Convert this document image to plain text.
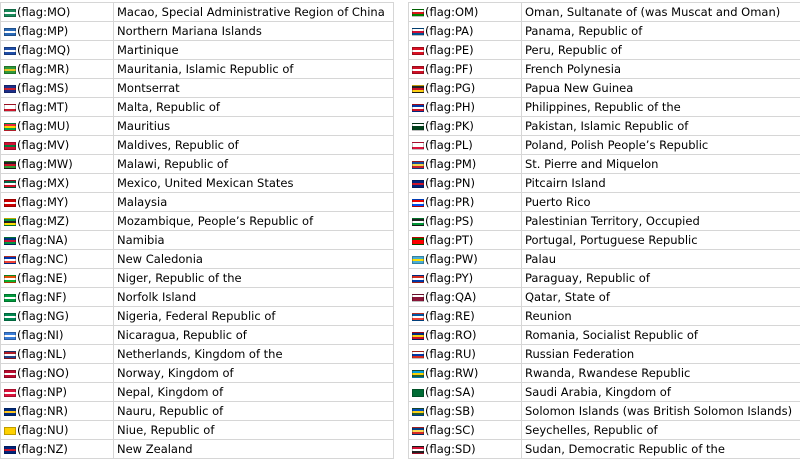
(flag:MO)	Macao, Special Administrative Region of China
(flag:MP)	Northern Mariana Islands
(flag:MQ)	Martinique
(flag:MR)	Mauritania, Islamic Republic of
(flag:MS)	Montserrat
(flag:MT)	Malta, Republic of
(flag:MU)	Mauritius
(flag:MV)	Maldives, Republic of
(flag:MW)	Malawi, Republic of
(flag:MX)	Mexico, United Mexican States
(flag:MY)	Malaysia
(flag:MZ)	Mozambique, People’s Republic of
(flag:NA)	Namibia
(flag:NC)	New Caledonia
(flag:NE)	Niger, Republic of the
(flag:NF)	Norfolk Island
(flag:NG)	Nigeria, Federal Republic of
(flag:NI)	Nicaragua, Republic of
(flag:NL)	Netherlands, Kingdom of the
(flag:NO)	Norway, Kingdom of
(flag:NP)	Nepal, Kingdom of
(flag:NR)	Nauru, Republic of
(flag:NU)	Niue, Republic of
(flag:NZ)	New Zealand
(flag:OM)	Oman, Sultanate of (was Muscat and Oman)
(flag:PA)	Panama, Republic of
(flag:PE)	Peru, Republic of
(flag:PF)	French Polynesia
(flag:PG)	Papua New Guinea
(flag:PH)	Philippines, Republic of the
(flag:PK)	Pakistan, Islamic Republic of
(flag:PL)	Poland, Polish People’s Republic
(flag:PM)	St. Pierre and Miquelon
(flag:PN)	Pitcairn Island
(flag:PR)	Puerto Rico
(flag:PS)	Palestinian Territory, Occupied
(flag:PT)	Portugal, Portuguese Republic
(flag:PW)	Palau
(flag:PY)	Paraguay, Republic of
(flag:QA)	Qatar, State of
(flag:RE)	Reunion
(flag:RO)	Romania, Socialist Republic of
(flag:RU)	Russian Federation
(flag:RW)	Rwanda, Rwandese Republic
(flag:SA)	Saudi Arabia, Kingdom of
(flag:SB)	Solomon Islands (was British Solomon Islands)
(flag:SC)	Seychelles, Republic of
(flag:SD)	Sudan, Democratic Republic of the
